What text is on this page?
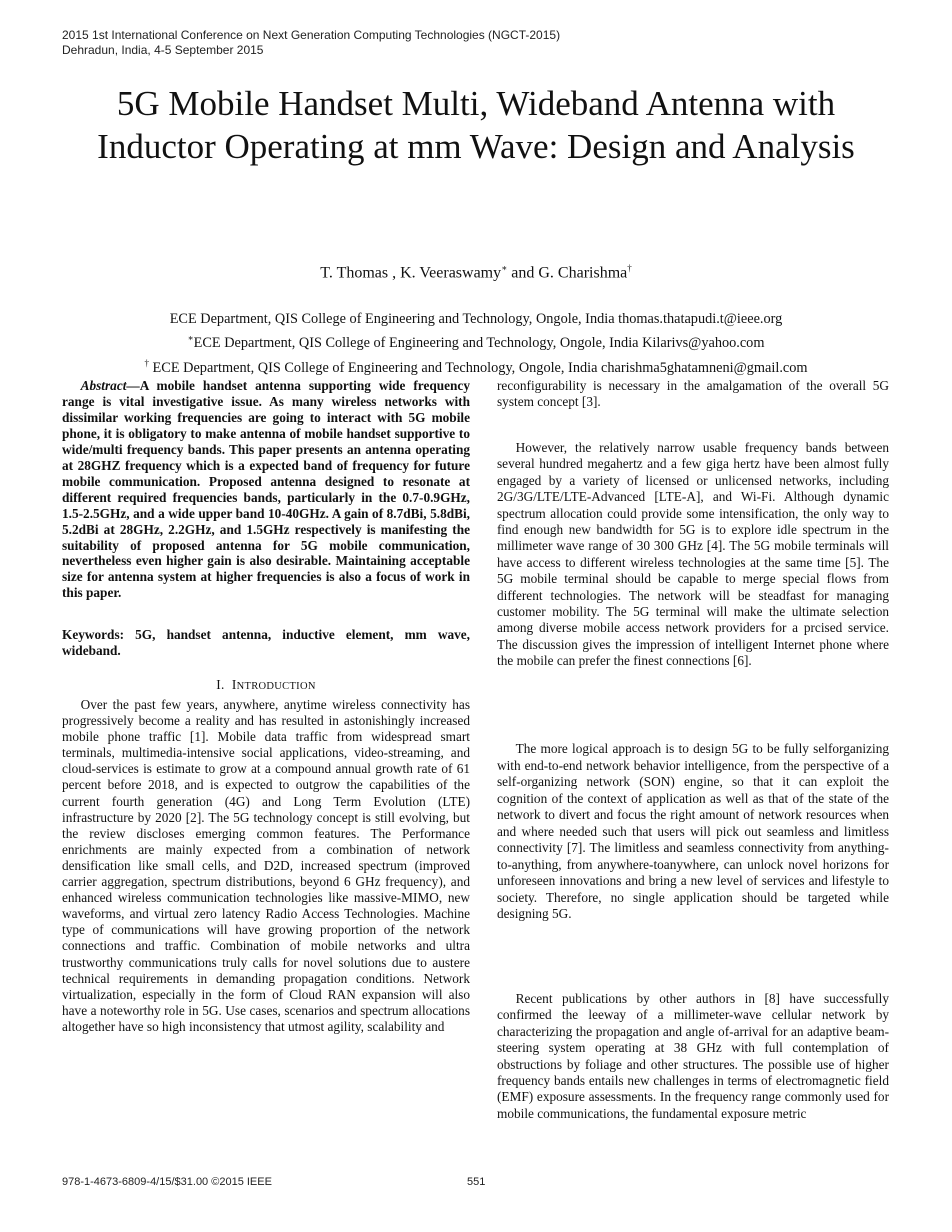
2015 1st International Conference on Next Generation Computing Technologies (NGCT-2015)
Dehradun, India, 4-5 September 2015
5G Mobile Handset Multi, Wideband Antenna with Inductor Operating at mm Wave: Design and Analysis
T. Thomas , K. Veeraswamy∗ and G. Charishma†
ECE Department, QIS College of Engineering and Technology, Ongole, India thomas.thatapudi.t@ieee.org
∗ECE Department, QIS College of Engineering and Technology, Ongole, India Kilarivs@yahoo.com
† ECE Department, QIS College of Engineering and Technology, Ongole, India charishma5ghatamneni@gmail.com

Abstract—A mobile handset antenna supporting wide frequency range is vital investigative issue. As many wireless networks with dissimilar working frequencies are going to interact with 5G mobile phone, it is obligatory to make antenna of mobile handset supportive to wide/multi frequency bands. This paper presents an antenna operating at 28GHZ frequency which is a expected band of frequency for future mobile communication. Proposed antenna designed to resonate at different required frequencies bands, particularly in the 0.7-0.9GHz, 1.5-2.5GHz, and a wide upper band 10-40GHz. A gain of 8.7dBi, 5.8dBi, 5.2dBi at 28GHz, 2.2GHz, and 1.5GHz respectively is manifesting the suitability of proposed antenna for 5G mobile communication, nevertheless even higher gain is also desirable. Maintaining acceptable size for antenna system at higher frequencies is also a focus of work in this paper.

Keywords: 5G, handset antenna, inductive element, mm wave, wideband.

I. INTRODUCTION

Over the past few years, anywhere, anytime wireless connectivity has progressively become a reality and has resulted in astonishingly increased mobile phone traffic [1]. Mobile data traffic from widespread smart terminals, multimedia-intensive social applications, video-streaming, and cloud-services is estimate to grow at a compound annual growth rate of 61 percent before 2018, and is expected to outgrow the capabilities of the current fourth generation (4G) and Long Term Evolution (LTE) infrastructure by 2020 [2]. The 5G technology concept is still evolving, but the review discloses emerging common features. The Performance enrichments are mainly expected from a combination of network densification like small cells, and D2D, increased spectrum (improved carrier aggregation, spectrum distributions, beyond 6 GHz frequency), and enhanced wireless communication technologies like massive-MIMO, new waveforms, and virtual zero latency Radio Access Technologies. Machine type of communications will have growing proportion of the network connections and traffic. Combination of mobile networks and ultra trustworthy communications truly calls for novel solutions due to austere technical requirements in demanding propagation conditions. Network virtualization, especially in the form of Cloud RAN expansion will also have a noteworthy role in 5G. Use cases, scenarios and spectrum allocations altogether have so high inconsistency that utmost agility, scalability and

reconfigurability is necessary in the amalgamation of the overall 5G system concept [3].

However, the relatively narrow usable frequency bands between several hundred megahertz and a few giga hertz have been almost fully engaged by a variety of licensed or unlicensed networks, including 2G/3G/LTE/LTE-Advanced [LTE-A], and Wi-Fi. Although dynamic spectrum allocation could provide some intensification, the only way to find enough new bandwidth for 5G is to explore idle spectrum in the millimeter wave range of 30 300 GHz [4]. The 5G mobile terminals will have access to different wireless technologies at the same time [5]. The 5G mobile terminal should be capable to merge special flows from different technologies. The network will be steadfast for managing customer mobility. The 5G terminal will make the ultimate selection among diverse mobile access network providers for a prcised service. The discussion gives the impression of intelligent Internet phone where the mobile can prefer the finest connections [6].

The more logical approach is to design 5G to be fully selforganizing with end-to-end network behavior intelligence, from the perspective of a self-organizing network (SON) engine, so that it can exploit the cognition of the context of application as well as that of the state of the network to divert and focus the right amount of network resources when and where needed such that users will pick out seamless and limitless connectivity [7]. The limitless and seamless connectivity from anything-to-anything, from anywhere-toanywhere, can unlock novel horizons for unforeseen innovations and bring a new level of services and lifestyle to society. Therefore, no single application should be targeted while designing 5G.

Recent publications by other authors in [8] have successfully confirmed the leeway of a millimeter-wave cellular network by characterizing the propagation and angle of-arrival for an adaptive beam-steering system operating at 38 GHz with full contemplation of obstructions by foliage and other structures. The possible use of higher frequency bands entails new challenges in terms of electromagnetic field (EMF) exposure assessments. In the frequency range commonly used for mobile communications, the fundamental exposure metric

978-1-4673-6809-4/15/$31.00 ©2015 IEEE	551
